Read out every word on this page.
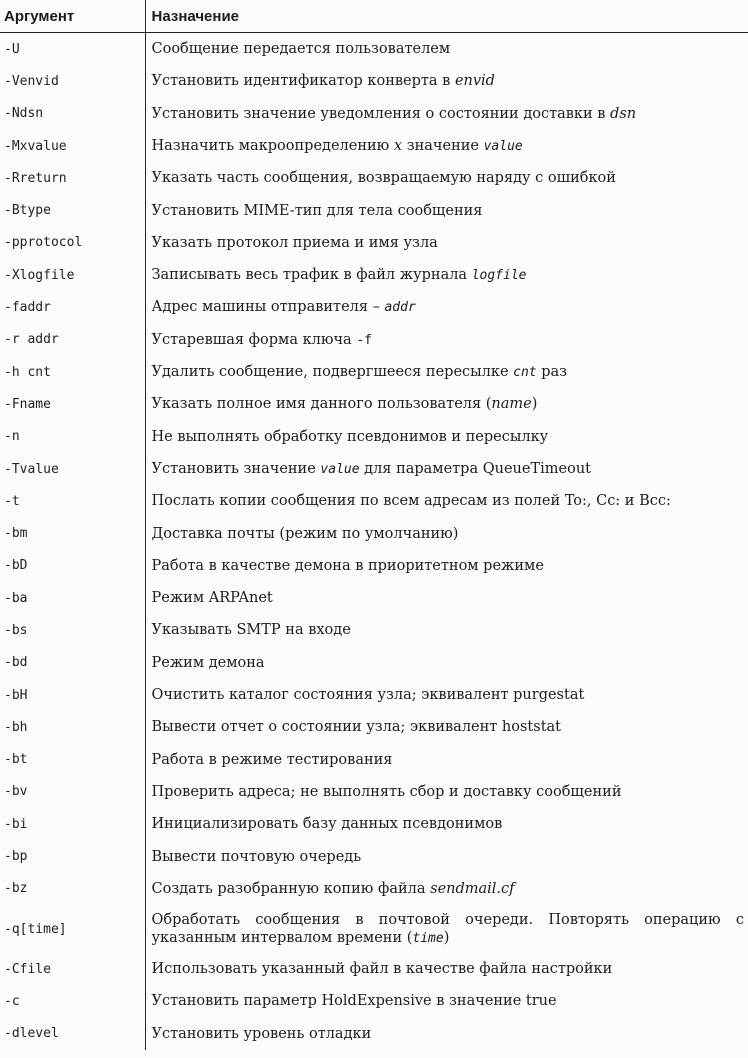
Аргумент	Назначение
-U	Сообщение передается пользователем
-Venvid	Установить идентификатор конверта в envid
-Ndsn	Установить значение уведомления о состоянии доставки в dsn
-Mxvalue	Назначить макроопределению x значение value
-Rreturn	Указать часть сообщения, возвращаемую наряду с ошибкой
-Btype	Установить MIME-тип для тела сообщения
-pprotocol	Указать протокол приема и имя узла
-Xlogfile	Записывать весь трафик в файл журнала logfile
-faddr	Адрес машины отправителя – addr
-r addr	Устаревшая форма ключа -f
-h cnt	Удалить сообщение, подвергшееся пересылке cnt раз
-Fname	Указать полное имя данного пользователя (name)
-n	Не выполнять обработку псевдонимов и пересылку
-Tvalue	Установить значение value для параметра QueueTimeout
-t	Послать копии сообщения по всем адресам из полей To:, Cc: и Bcc:
-bm	Доставка почты (режим по умолчанию)
-bD	Работа в качестве демона в приоритетном режиме
-ba	Режим ARPAnet
-bs	Указывать SMTP на входе
-bd	Режим демона
-bH	Очистить каталог состояния узла; эквивалент purgestat
-bh	Вывести отчет о состоянии узла; эквивалент hoststat
-bt	Работа в режиме тестирования
-bv	Проверить адреса; не выполнять сбор и доставку сообщений
-bi	Инициализировать базу данных псевдонимов
-bp	Вывести почтовую очередь
-bz	Создать разобранную копию файла sendmail.cf
-q[time]	Обработать сообщения в почтовой очереди. Повторять операцию с указанным интервалом времени (time)
-Cfile	Использовать указанный файл в качестве файла настройки
-c	Установить параметр HoldExpensive в значение true
-dlevel	Установить уровень отладки
